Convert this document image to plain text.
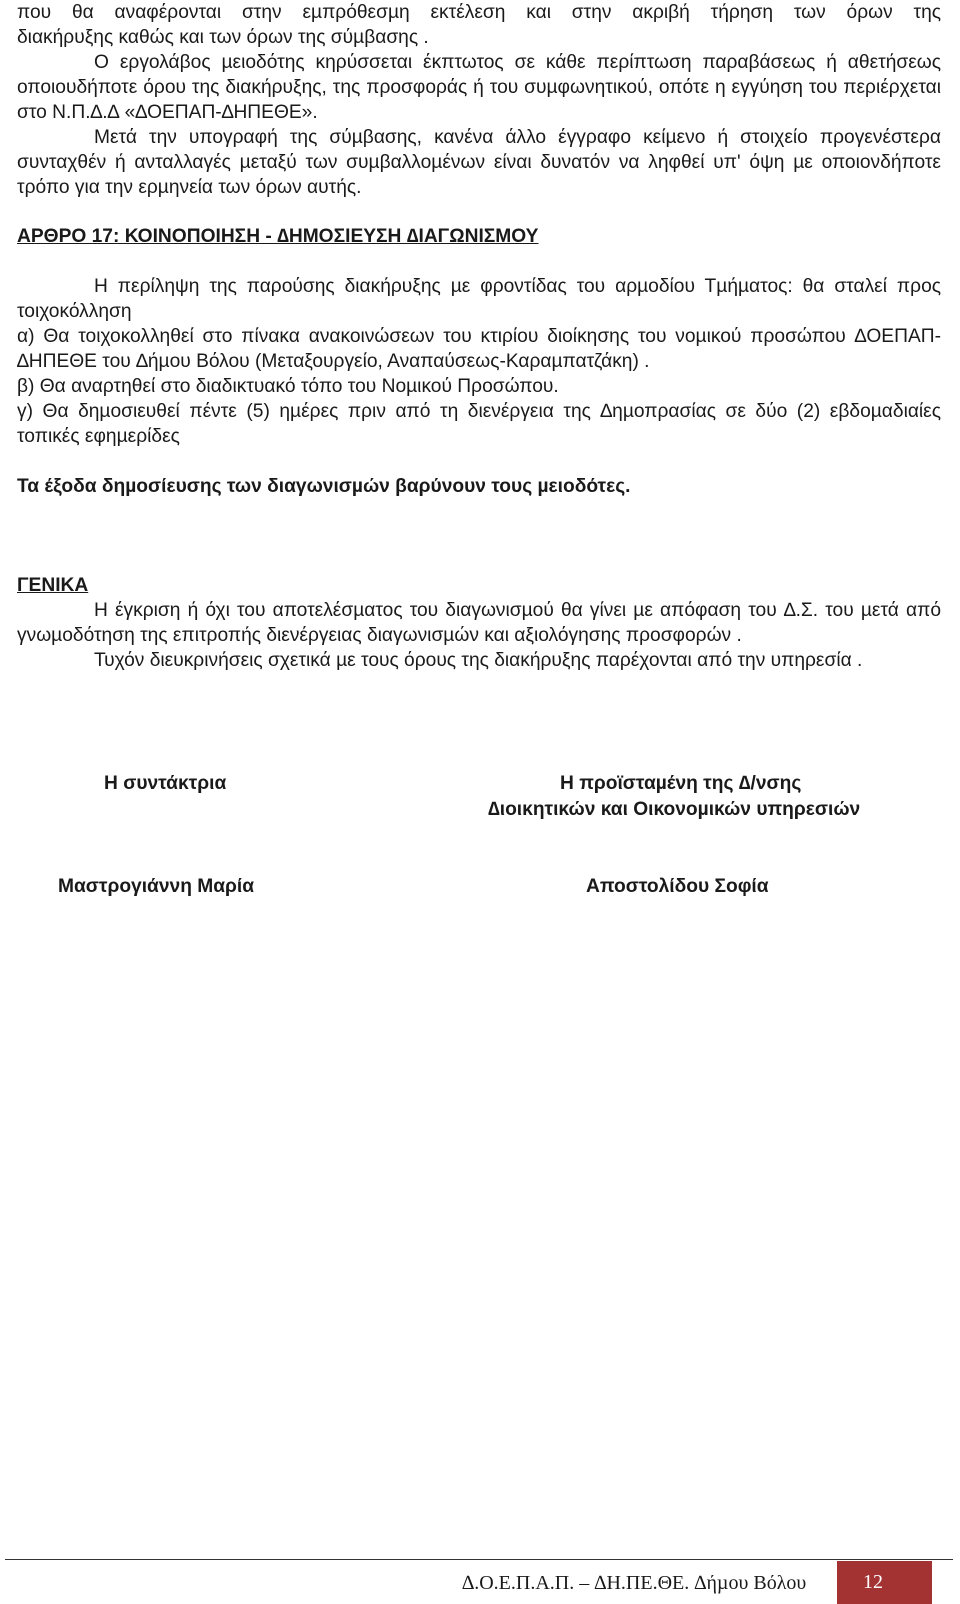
που θα αναφέρονται στην εµπρόθεσµη εκτέλεση και στην ακριβή τήρηση των όρων της

διακήρυξης καθώς και των όρων της σύµβασης .

Ο εργολάβος µειοδότης κηρύσσεται έκπτωτος σε κάθε περίπτωση παραβάσεως ή αθετήσεως οποιουδήποτε όρου της διακήρυξης, της προσφοράς ή του συµφωνητικού, οπότε η εγγύηση του περιέρχεται στο Ν.Π.∆.∆ «∆ΟΕΠΑΠ-∆ΗΠΕΘΕ».

Μετά την υπογραφή της σύµβασης, κανένα άλλο έγγραφο κείµενο ή στοιχείο προγενέστερα συνταχθέν ή ανταλλαγές µεταξύ των συµβαλλοµένων είναι δυνατόν να ληφθεί υπ' όψη µε οποιονδήποτε τρόπο για την ερµηνεία των όρων αυτής.

ΑΡΘΡΟ 17: ΚΟΙΝΟΠΟΙΗΣΗ - ∆ΗΜΟΣΙΕΥΣΗ ∆ΙΑΓΩΝΙΣΜΟΥ

Η περίληψη της παρούσης διακήρυξης µε φροντίδας του αρµοδίου Τµήµατος: θα σταλεί προς τοιχοκόλληση

α) Θα τοιχοκολληθεί στο πίνακα ανακοινώσεων του κτιρίου διοίκησης του νοµικού προσώπου ∆ΟΕΠΑΠ-∆ΗΠΕΘΕ του ∆ήµου Βόλου (Μεταξουργείο, Αναπαύσεως-Καραµπατζάκη) .

β) Θα αναρτηθεί στο διαδικτυακό τόπο του Νοµικού Προσώπου.

γ) Θα δηµοσιευθεί πέντε (5) ηµέρες πριν από τη διενέργεια της ∆ηµοπρασίας σε δύο (2) εβδοµαδιαίες τοπικές εφηµερίδες

Τα έξοδα δηµοσίευσης των διαγωνισµών βαρύνουν τους µειοδότες.
ΓΕΝΙΚΑ

Η έγκριση ή όχι του αποτελέσµατος του διαγωνισµού θα γίνει µε απόφαση του ∆.Σ. του µετά από γνωµοδότηση της επιτροπής διενέργειας διαγωνισµών και αξιολόγησης προσφορών .

Τυχόν διευκρινήσεις σχετικά µε τους όρους της διακήρυξης παρέχονται από την υπηρεσία .

Η συντάκτρια	Η προϊσταµένη της ∆/νσης
∆ιοικητικών και Οικονοµικών υπηρεσιών
Μαστρογιάννη Μαρία	Αποστολίδου Σοφία
∆.Ο.Ε.Π.Α.Π. – ∆Η.ΠΕ.ΘΕ. ∆ήµου Βόλου	12
